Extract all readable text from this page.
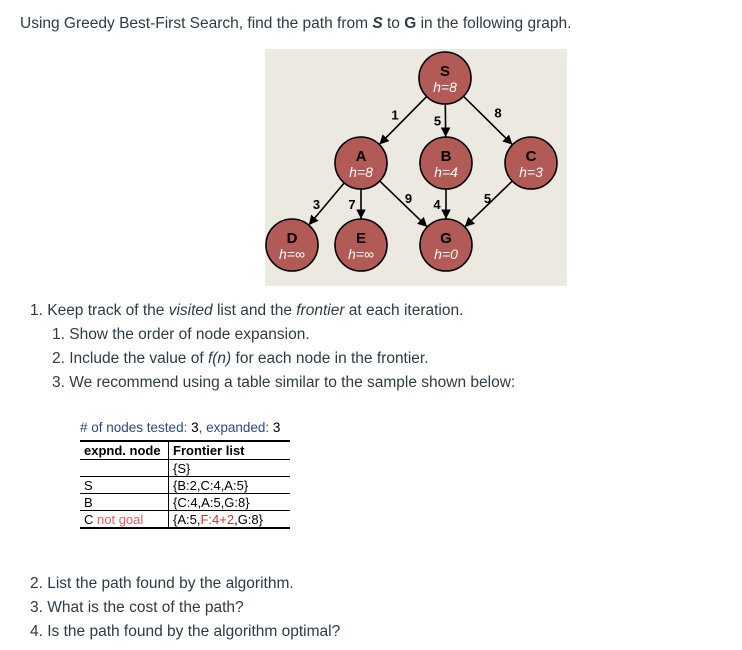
Using Greedy Best-First Search, find the path from S to G in the following graph.
1	5
8
3 7	9 4	5
S
h=8
A
h=8
B
h=4
C
h=3
D
h=∞
E
h=∞
G
h=0
1. Keep track of the visited list and the frontier at each iteration.
1. Show the order of node expansion.
2. Include the value of f(n) for each node in the frontier.
3. We recommend using a table similar to the sample shown below:
# of nodes tested: 3, expanded: 3
expnd. node	Frontier list
	{S}
S	{B:2,C:4,A:5}
B	{C:4,A:5,G:8}
C not goal	{A:5,F:4+2,G:8}
2. List the path found by the algorithm.
3. What is the cost of the path?
4. Is the path found by the algorithm optimal?
